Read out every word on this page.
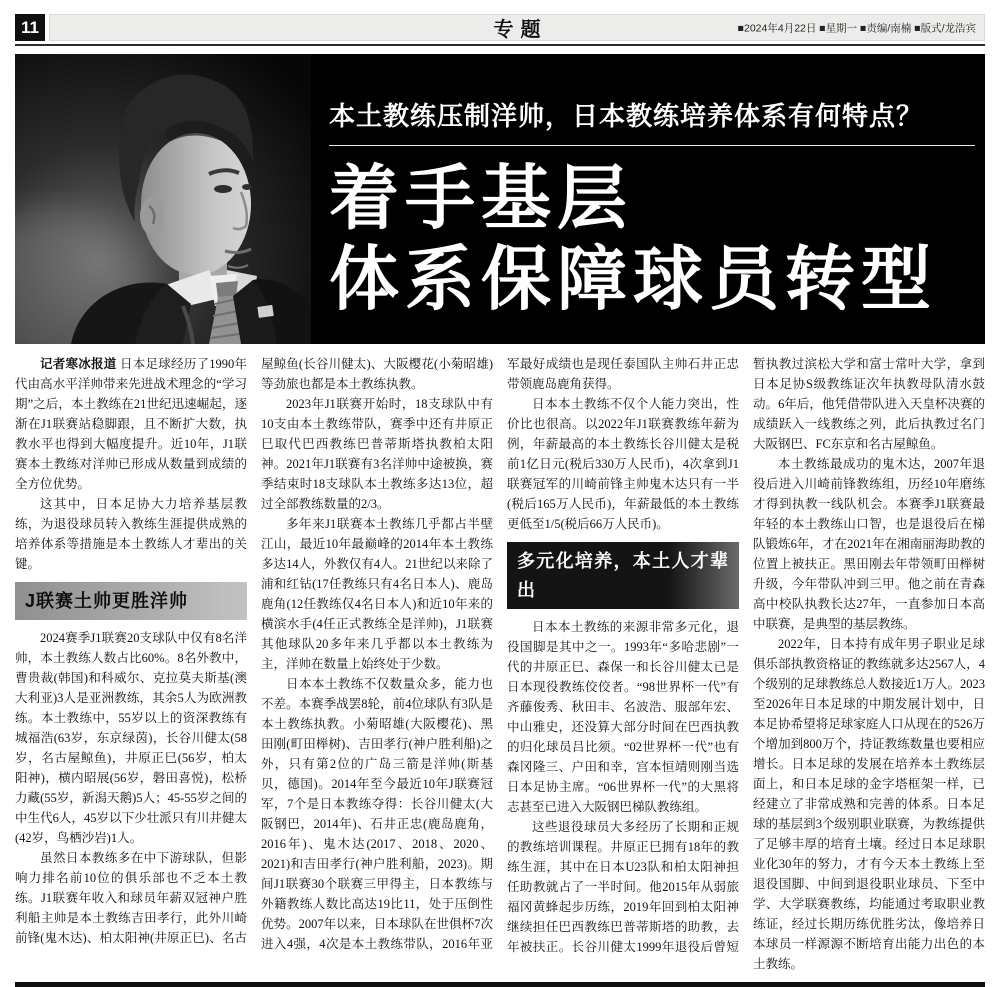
11	专题	■2024年4月22日 ■星期一 ■责编/南楠 ■版式/龙浩宾
本土教练压制洋帅，日本教练培养体系有何特点？
着手基层
体系保障球员转型

记者寒冰报道 日本足球经历了1990年代由高水平洋帅带来先进战术理念的“学习期”之后，本土教练在21世纪迅速崛起，逐渐在J1联赛站稳脚跟，且不断扩大数，执教水平也得到大幅度提升。近10年，J1联赛本土教练对洋帅已形成从数量到成绩的全方位优势。

这其中，日本足协大力培养基层教练，为退役球员转入教练生涯提供成熟的培养体系等措施是本土教练人才辈出的关键。

J联赛土帅更胜洋帅

2024赛季J1联赛20支球队中仅有8名洋帅，本土教练人数占比60%。8名外教中，曹贵裁(韩国)和科威尔、克拉莫夫斯基(澳大利亚)3人是亚洲教练，其余5人为欧洲教练。本土教练中，55岁以上的资深教练有城福浩(63岁，东京绿茵)，长谷川健太(58岁，名古屋鲸鱼)，井原正巳(56岁，柏太阳神)，横内昭展(56岁，磐田喜悦)，松桥力藏(55岁，新潟天鹅)5人；45-55岁之间的中生代6人，45岁以下少壮派只有川井健太(42岁，鸟栖沙岩)1人。

虽然日本教练多在中下游球队，但影响力排名前10位的俱乐部也不乏本土教练。J1联赛年收入和球员年薪双冠神户胜利船主帅是本土教练吉田孝行，此外川崎前锋(鬼木达)、柏太阳神(井原正巳)、名古屋鲸鱼(长谷川健太)、大阪樱花(小菊昭雄)等劲旅也都是本土教练执教。

2023年J1联赛开始时，18支球队中有10支由本土教练带队，赛季中还有井原正巳取代巴西教练巴普蒂斯塔执教柏太阳神。2021年J1联赛有3名洋帅中途被换，赛季结束时18支球队本土教练多达13位，超过全部教练数量的2/3。

多年来J1联赛本土教练几乎都占半壁江山，最近10年最巅峰的2014年本土教练多达14人，外教仅有4人。21世纪以来除了浦和红钻(17任教练只有4名日本人)、鹿岛鹿角(12任教练仅4名日本人)和近10年来的横滨水手(4任正式教练全是洋帅)，J1联赛其他球队20多年来几乎都以本土教练为主，洋帅在数量上始终处于少数。

日本本土教练不仅数量众多，能力也不差。本赛季战罢8轮，前4位球队有3队是本土教练执教。小菊昭雄(大阪樱花)、黑田刚(町田榉树)、吉田孝行(神户胜利船)之外，只有第2位的广岛三箭是洋帅(斯基贝，德国)。2014年至今最近10年J联赛冠军，7个是日本教练夺得：长谷川健太(大阪钢巴，2014年)、石井正忠(鹿岛鹿角，2016年)、鬼木达(2017、2018、2020、2021)和吉田孝行(神户胜利船，2023)。期间J1联赛30个联赛三甲得主，日本教练与外籍教练人数比高达19比11，处于压倒性优势。2007年以来，日本球队在世俱杯7次进入4强，4次是本土教练带队，2016年亚军最好成绩也是现任泰国队主帅石井正忠带领鹿岛鹿角获得。

日本本土教练不仅个人能力突出，性价比也很高。以2022年J1联赛教练年薪为例，年薪最高的本土教练长谷川健太是税前1亿日元(税后330万人民币)，4次拿到J1联赛冠军的川崎前锋主帅鬼木达只有一半(税后165万人民币)，年薪最低的本土教练更低至1/5(税后66万人民币)。

多元化培养，本土人才辈出

日本本土教练的来源非常多元化，退役国脚是其中之一。1993年“多哈悲剧”一代的井原正巳、森保一和长谷川健太已是日本现役教练佼佼者。“98世界杯一代”有齐藤俊秀、秋田丰、名波浩、服部年宏、中山雅史，还没算大部分时间在巴西执教的归化球员吕比须。“02世界杯一代”也有森冈隆三、户田和幸，宫本恒靖则刚当选日本足协主席。“06世界杯一代”的大黑将志甚至已进入大阪钢巴梯队教练组。

这些退役球员大多经历了长期和正规的教练培训课程。井原正巳拥有18年的教练生涯，其中在日本U23队和柏太阳神担任助教就占了一半时间。他2015年从弱旅福冈黄蜂起步历练，2019年回到柏太阳神继续担任巴西教练巴普蒂斯塔的助教，去年被扶正。长谷川健太1999年退役后曾短暂执教过滨松大学和富士常叶大学，拿到日本足协S级教练证次年执教母队清水鼓动。6年后，他凭借带队进入天皇杯决赛的成绩跃入一线教练之列，此后执教过名门大阪钢巴、FC东京和名古屋鲸鱼。

本土教练最成功的鬼木达，2007年退役后进入川崎前锋教练组，历经10年磨练才得到执教一线队机会。本赛季J1联赛最年轻的本土教练山口智，也是退役后在梯队锻炼6年，才在2021年在湘南丽海助教的位置上被扶正。黑田刚去年带领町田榉树升级，今年带队冲到三甲。他之前在青森高中校队执教长达27年，一直参加日本高中联赛，是典型的基层教练。

2022年，日本持有成年男子职业足球俱乐部执教资格证的教练就多达2567人，4个级别的足球教练总人数接近1万人。2023至2026年日本足球的中期发展计划中，日本足协希望将足球家庭人口从现在的526万个增加到800万个，持证教练数量也要相应增长。日本足球的发展在培养本土教练层面上，和日本足球的金字塔框架一样，已经建立了非常成熟和完善的体系。日本足球的基层到3个级别职业联赛，为教练提供了足够丰厚的培育土壤。经过日本足球职业化30年的努力，才有今天本土教练上至退役国脚、中间到退役职业球员、下至中学、大学联赛教练，均能通过考取职业教练证，经过长期历练优胜劣汰，像培养日本球员一样源源不断培育出能力出色的本土教练。
